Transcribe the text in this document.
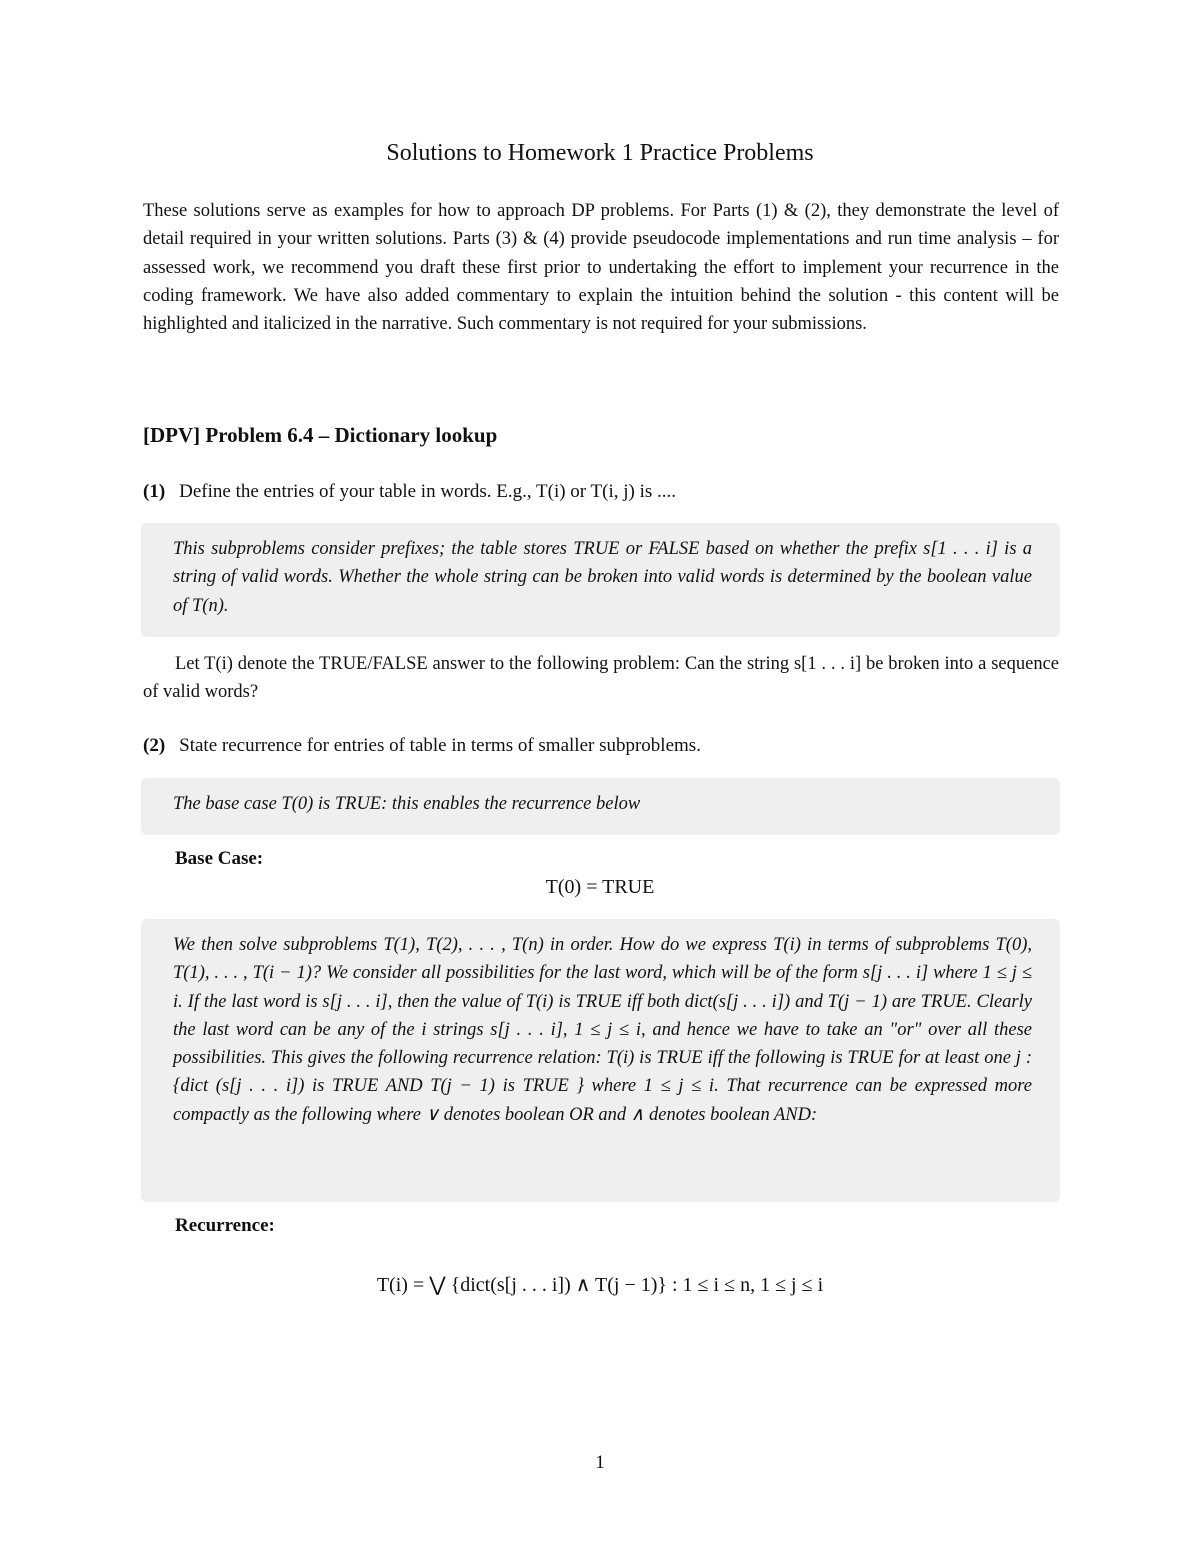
Solutions to Homework 1 Practice Problems
These solutions serve as examples for how to approach DP problems. For Parts (1) & (2), they demonstrate the level of detail required in your written solutions. Parts (3) & (4) provide pseudocode implementations and run time analysis – for assessed work, we recommend you draft these first prior to undertaking the effort to implement your recurrence in the coding framework. We have also added commentary to explain the intuition behind the solution - this content will be highlighted and italicized in the narrative. Such commentary is not required for your submissions.
[DPV] Problem 6.4 – Dictionary lookup
(1) Define the entries of your table in words. E.g., T(i) or T(i, j) is ....
This subproblems consider prefixes; the table stores TRUE or FALSE based on whether the prefix s[1 . . . i] is a string of valid words. Whether the whole string can be broken into valid words is determined by the boolean value of T(n).
Let T(i) denote the TRUE/FALSE answer to the following problem: Can the string s[1 . . . i] be broken into a sequence of valid words?
(2) State recurrence for entries of table in terms of smaller subproblems.
The base case T(0) is TRUE: this enables the recurrence below
Base Case:
T(0) = TRUE
We then solve subproblems T(1), T(2), . . . , T(n) in order. How do we express T(i) in terms of subproblems T(0), T(1), . . . , T(i − 1)? We consider all possibilities for the last word, which will be of the form s[j . . . i] where 1 ≤ j ≤ i. If the last word is s[j . . . i], then the value of T(i) is TRUE iff both dict(s[j . . . i]) and T(j − 1) are TRUE. Clearly the last word can be any of the i strings s[j . . . i], 1 ≤ j ≤ i, and hence we have to take an "or" over all these possibilities. This gives the following recurrence relation: T(i) is TRUE iff the following is TRUE for at least one j : {dict (s[j . . . i]) is TRUE AND T(j − 1) is TRUE } where 1 ≤ j ≤ i. That recurrence can be expressed more compactly as the following where ∨ denotes boolean OR and ∧ denotes boolean AND:
Recurrence:
T(i) = ⋁ {dict(s[j . . . i]) ∧ T(j − 1)} : 1 ≤ i ≤ n, 1 ≤ j ≤ i
1
